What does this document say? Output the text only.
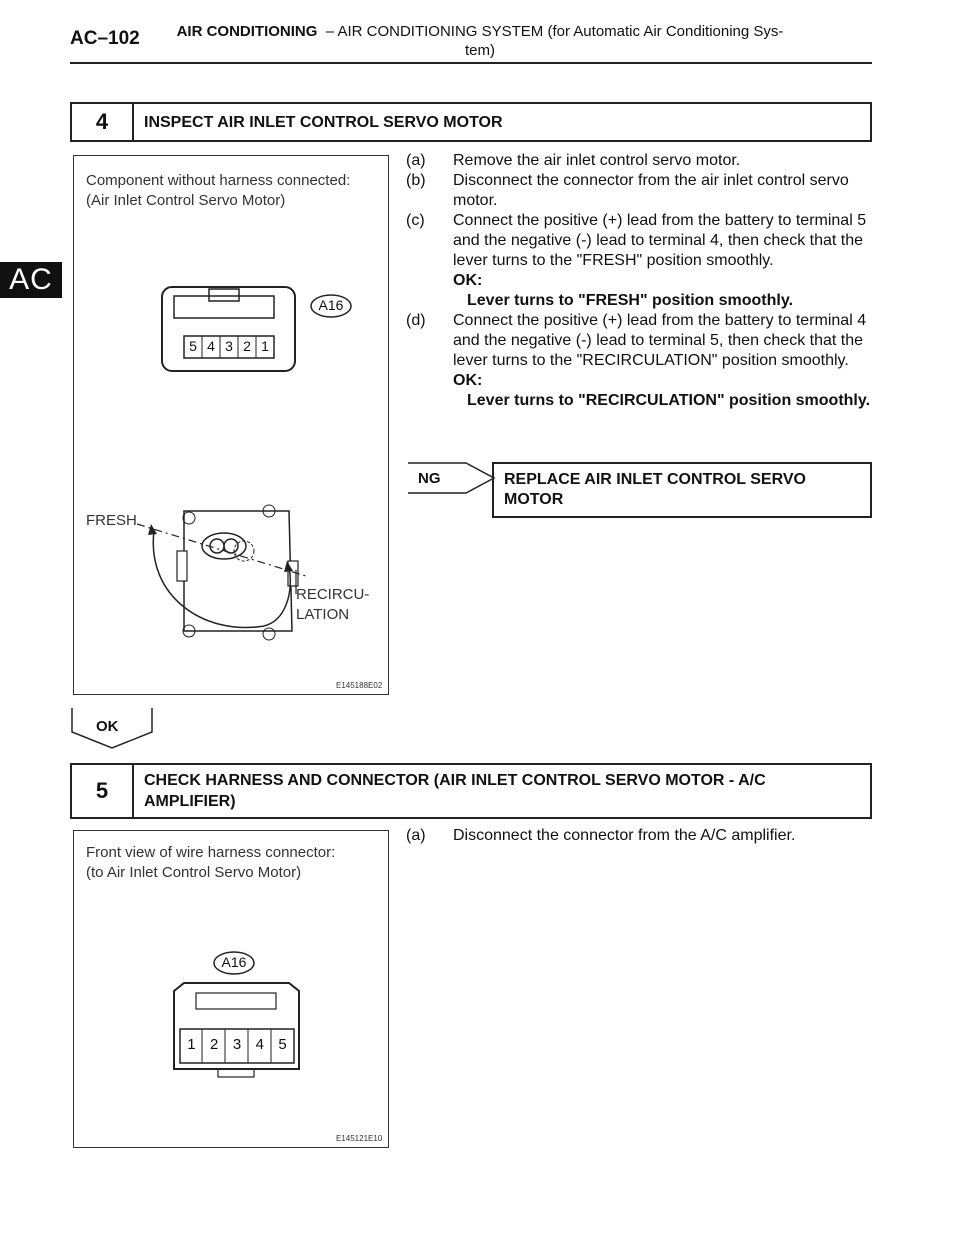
AC–102	AIR CONDITIONING – AIR CONDITIONING SYSTEM (for Automatic Air Conditioning Sys-
tem)
AC
4	INSPECT AIR INLET CONTROL SERVO MOTOR
Component without harness connected:
(Air Inlet Control Servo Motor)
5 4 3 2 1
A16
FRESH
RECIRCU-
LATION
E145188E02
(a) Remove the air inlet control servo motor.
(b) Disconnect the connector from the air inlet control servo motor.
(c) Connect the positive (+) lead from the battery to terminal 5 and the negative (-) lead to terminal 4, then check that the lever turns to the "FRESH" position smoothly.
OK:
Lever turns to "FRESH" position smoothly.
(d) Connect the positive (+) lead from the battery to terminal 4 and the negative (-) lead to terminal 5, then check that the lever turns to the "RECIRCULATION" position smoothly.
OK:
Lever turns to "RECIRCULATION" position smoothly.
NG	REPLACE AIR INLET CONTROL SERVO MOTOR
OK
5	CHECK HARNESS AND CONNECTOR (AIR INLET CONTROL SERVO MOTOR - A/C AMPLIFIER)
Front view of wire harness connector:
(to Air Inlet Control Servo Motor)
A16
1 2 3 4 5
E145121E10
(a) Disconnect the connector from the A/C amplifier.
